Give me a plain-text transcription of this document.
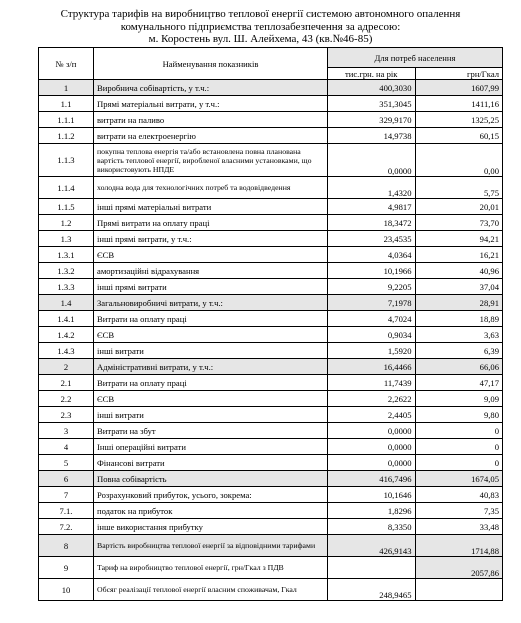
Структура тарифів на виробництво теплової енергії системою автономного опалення
комунального підприємства теплозабезпечення за адресою:
м. Коростень вул. Ш. Алейхема, 43 (кв.№46-85)
№ з/п	Найменування показників	Для потреб населення	
		тис.грн. на рік	грн/Гкал
1	Виробнича собівартість, у т.ч.:	400,3030	1607,99
1.1	Прямі матеріальні витрати, у т.ч.:	351,3045	1411,16
1.1.1	витрати на паливо	329,9170	1325,25
1.1.2	витрати на електроенергію	14,9738	60,15
1.1.3	покупна теплова енергія та/або встановлена повна планована вартість теплової енергії, виробленої власними установками, що використовують НПДЕ	0,0000	0,00
1.1.4	холодна вода для технологічних потреб та водовідведення	1,4320	5,75
1.1.5	інші прямі матеріальні витрати	4,9817	20,01
1.2	Прямі витрати на оплату праці	18,3472	73,70
1.3	інші прямі витрати, у т.ч.:	23,4535	94,21
1.3.1	ЄСВ	4,0364	16,21
1.3.2	амортизаційні відрахування	10,1966	40,96
1.3.3	інші прямі витрати	9,2205	37,04
1.4	Загальновиробничі витрати, у т.ч.:	7,1978	28,91
1.4.1	Витрати на оплату праці	4,7024	18,89
1.4.2	ЄСВ	0,9034	3,63
1.4.3	інші витрати	1,5920	6,39
2	Адміністративні витрати, у т.ч.:	16,4466	66,06
2.1	Витрати на оплату праці	11,7439	47,17
2.2	ЄСВ	2,2622	9,09
2.3	інші витрати	2,4405	9,80
3	Витрати на збут	0,0000	0
4	Інші операційні витрати	0,0000	0
5	Фінансові витрати	0,0000	0
6	Повна собівартість	416,7496	1674,05
7	Розрахунковий прибуток, усього, зокрема:	10,1646	40,83
7.1.	податок на прибуток	1,8296	7,35
7.2.	інше використання прибутку	8,3350	33,48
8	Вартість виробництва теплової енергії за відповідними тарифами	426,9143	1714,88
9	Тариф на виробництво теплової енергії, грн/Гкал з ПДВ		2057,86
10	Обсяг реалізації теплової енергії власним споживачам, Гкал	248,9465	
